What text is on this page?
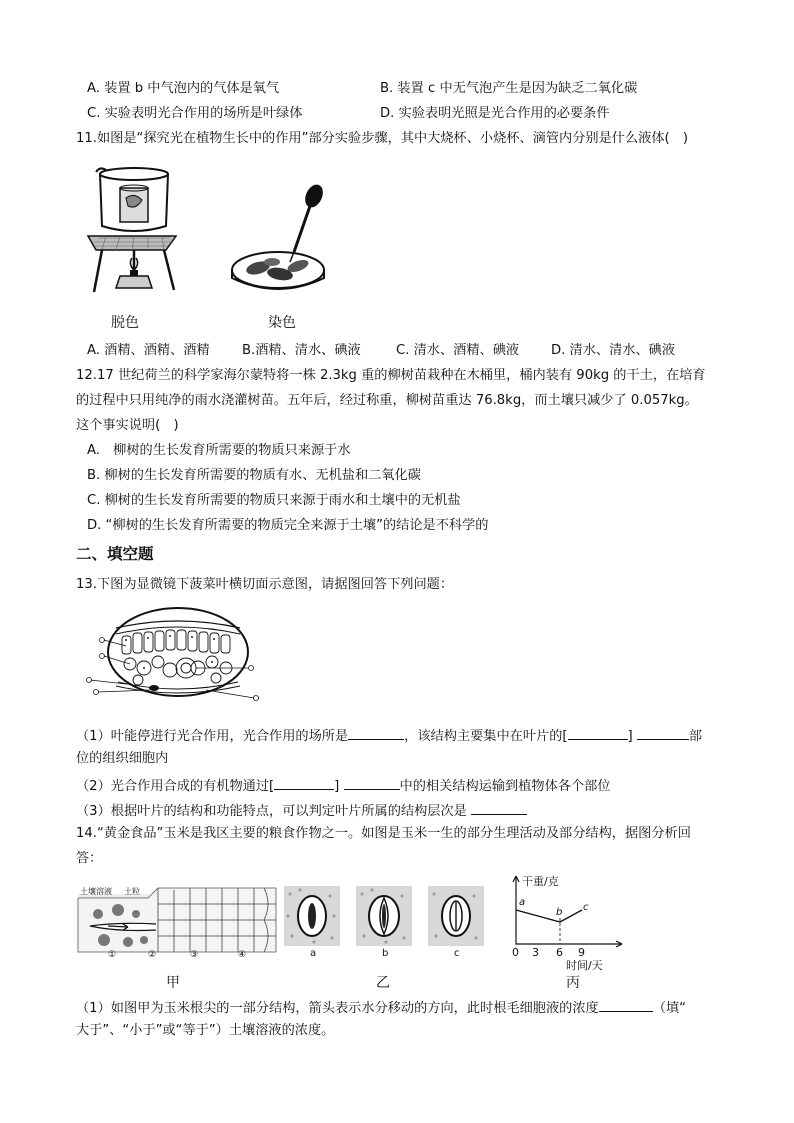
A. 装置 b 中气泡内的气体是氧气	B. 装置 c 中无气泡产生是因为缺乏二氧化碳
C. 实验表明光合作用的场所是叶绿体	D. 实验表明光照是光合作用的必要条件
11.如图是“探究光在植物生长中的作用”部分实验步骤，其中大烧杯、小烧杯、滴管内分别是什么液体(　)
脱色	染色
A. 酒精、酒精、酒精 B.酒精、清水、碘液	C. 清水、酒精、碘液 D. 清水、清水、碘液
12.17 世纪荷兰的科学家海尔蒙特将一株 2.3kg 重的柳树苗栽种在木桶里，桶内装有 90kg 的干土，在培育
的过程中只用纯净的雨水浇灌树苗。五年后，经过称重，柳树苗重达 76.8kg，而土壤只减少了 0.057kg。
这个事实说明(　)
A.　柳树的生长发育所需要的物质只来源于水
B. 柳树的生长发育所需要的物质有水、无机盐和二氧化碳
C. 柳树的生长发育所需要的物质只来源于雨水和土壤中的无机盐
D. “柳树的生长发育所需要的物质完全来源于土壤”的结论是不科学的
二、填空题
13.下图为显微镜下菠菜叶横切面示意图，请据图回答下列问题：
（1）叶能停进行光合作用，光合作用的场所是	，该结构主要集中在叶片的[	]	部
位的组织细胞内
（2）光合作用合成的有机物通过[	]	中的相关结构运输到植物体各个部位
（3）根据叶片的结构和功能特点，可以判定叶片所属的结构层次是
14.“黄金食品”玉米是我区主要的粮食作物之一。如图是玉米一生的部分生理活动及部分结构，据图分析回
答：
土壤溶液 土粒
①	②	③	④
甲
a	b	c
乙
干重/克
0 3 6 9
时间/天
a
b c
丙
（1）如图甲为玉米根尖的一部分结构，箭头表示水分移动的方向，此时根毛细胞液的浓度	（填“
大于”、“小于”或“等于”）土壤溶液的浓度。
